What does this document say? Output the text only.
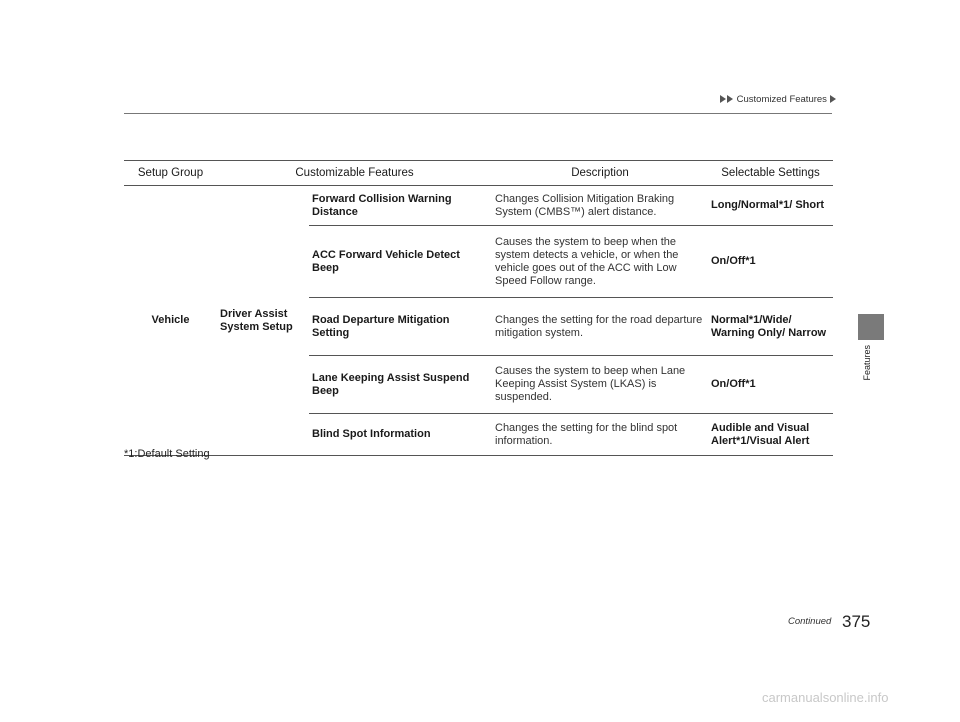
Customized Features
Features
Setup Group	Customizable Features		Description	Selectable Settings
Vehicle	Driver Assist System Setup	Forward Collision Warning Distance	Changes Collision Mitigation Braking System (CMBS™) alert distance.	Long/Normal*1/ Short
		ACC Forward Vehicle Detect Beep	Causes the system to beep when the system detects a vehicle, or when the vehicle goes out of the ACC with Low Speed Follow range.	On/Off*1
		Road Departure Mitigation Setting	Changes the setting for the road departure mitigation system.	Normal*1/Wide/ Warning Only/ Narrow
		Lane Keeping Assist Suspend Beep	Causes the system to beep when Lane Keeping Assist System (LKAS) is suspended.	On/Off*1
		Blind Spot Information	Changes the setting for the blind spot information.	Audible and Visual Alert*1/Visual Alert
*1:Default Setting
Continued 375
carmanualsonline.info
